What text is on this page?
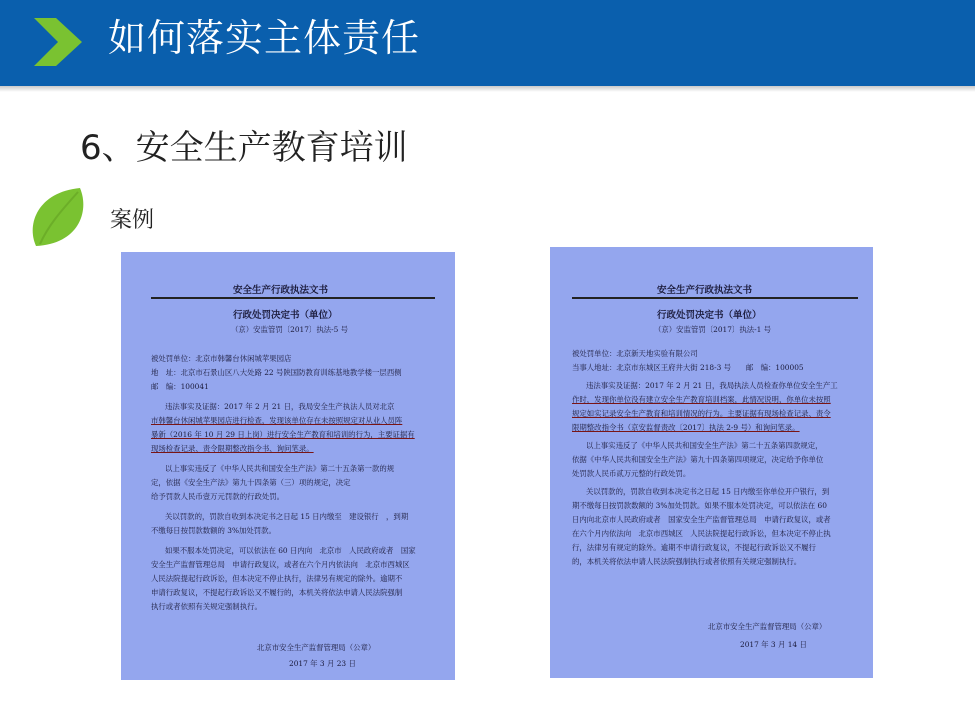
如何落实主体责任
6、安全生产教育培训
案例
安全生产行政执法文书
行政处罚决定书（单位）
（京）安监管罚〔2017〕执法-5 号
被处罚单位：北京市韩馨台休闲城苹果园店
地　址：北京市石景山区八大处路 22 号陕国防教育训练基地教学楼一层西侧
邮　编：100041
违法事实及证据：2017 年 2 月 21 日，我局安全生产执法人员对北京
市韩馨台休闲城苹果园店进行检查，发现该单位存在未按照规定对从业人员阵
暴新（2016 年 10 月 29 日上岗）进行安全生产教育和培训的行为，主要证据有
现场检查记录、责令限期整改指令书、询问笔录。
以上事实违反了《中华人民共和国安全生产法》第二十五条第一款的规
定，依据《安全生产法》第九十四条第（三）项的规定，决定
给予罚款人民币壹万元罚款的行政处罚。
关以罚款的，罚款自收到本决定书之日起 15 日内缴至　建设银行　，到期
不缴每日按罚款数额的 3%加处罚款。
如果不服本处罚决定，可以依法在 60 日内向　北京市　人民政府或者　国家
安全生产监督管理总局　申请行政复议，或者在六个月内依法向　北京市西城区
人民法院提起行政诉讼，但本决定不停止执行，法律另有规定的除外。逾期不
申请行政复议，不提起行政诉讼又不履行的，本机关将依法申请人民法院强制
执行或者依照有关规定强制执行。
北京市安全生产监督管理局（公章）
2017 年 3 月 23 日
安全生产行政执法文书
行政处罚决定书（单位）
（京）安监管罚〔2017〕执法-1 号
被处罚单位：北京新天地实验有限公司
当事人地址：北京市东城区王府井大街 218-3 号　　邮　编：100005
违法事实及证据：2017 年 2 月 21 日，我局执法人员检查你单位安全生产工
作时，发现你单位没有建立安全生产教育培训档案，此情况说明，你单位未按照
规定如实记录安全生产教育和培训情况的行为。主要证据有现场检查记录、责令
限期整改指令书（京安监督责改〔2017〕执法 2-9 号）和询问笔录。
以上事实违反了《中华人民共和国安全生产法》第二十五条第四款规定，
依据《中华人民共和国安全生产法》第九十四条第四项规定，决定给予你单位
处罚款人民币贰万元整的行政处罚。
关以罚款的，罚款自收到本决定书之日起 15 日内缴至你单位开户银行，到
期不缴每日按罚款数额的 3%加处罚款。如果不服本处罚决定，可以依法在 60
日内向北京市人民政府或者　国家安全生产监督管理总局　申请行政复议，或者
在六个月内依法向　北京市西城区　人民法院提起行政诉讼，但本决定不停止执
行，法律另有规定的除外。逾期不申请行政复议，不提起行政诉讼又不履行
的，本机关将依法申请人民法院强制执行或者依照有关规定强制执行。
北京市安全生产监督管理局（公章）
2017 年 3 月 14 日
